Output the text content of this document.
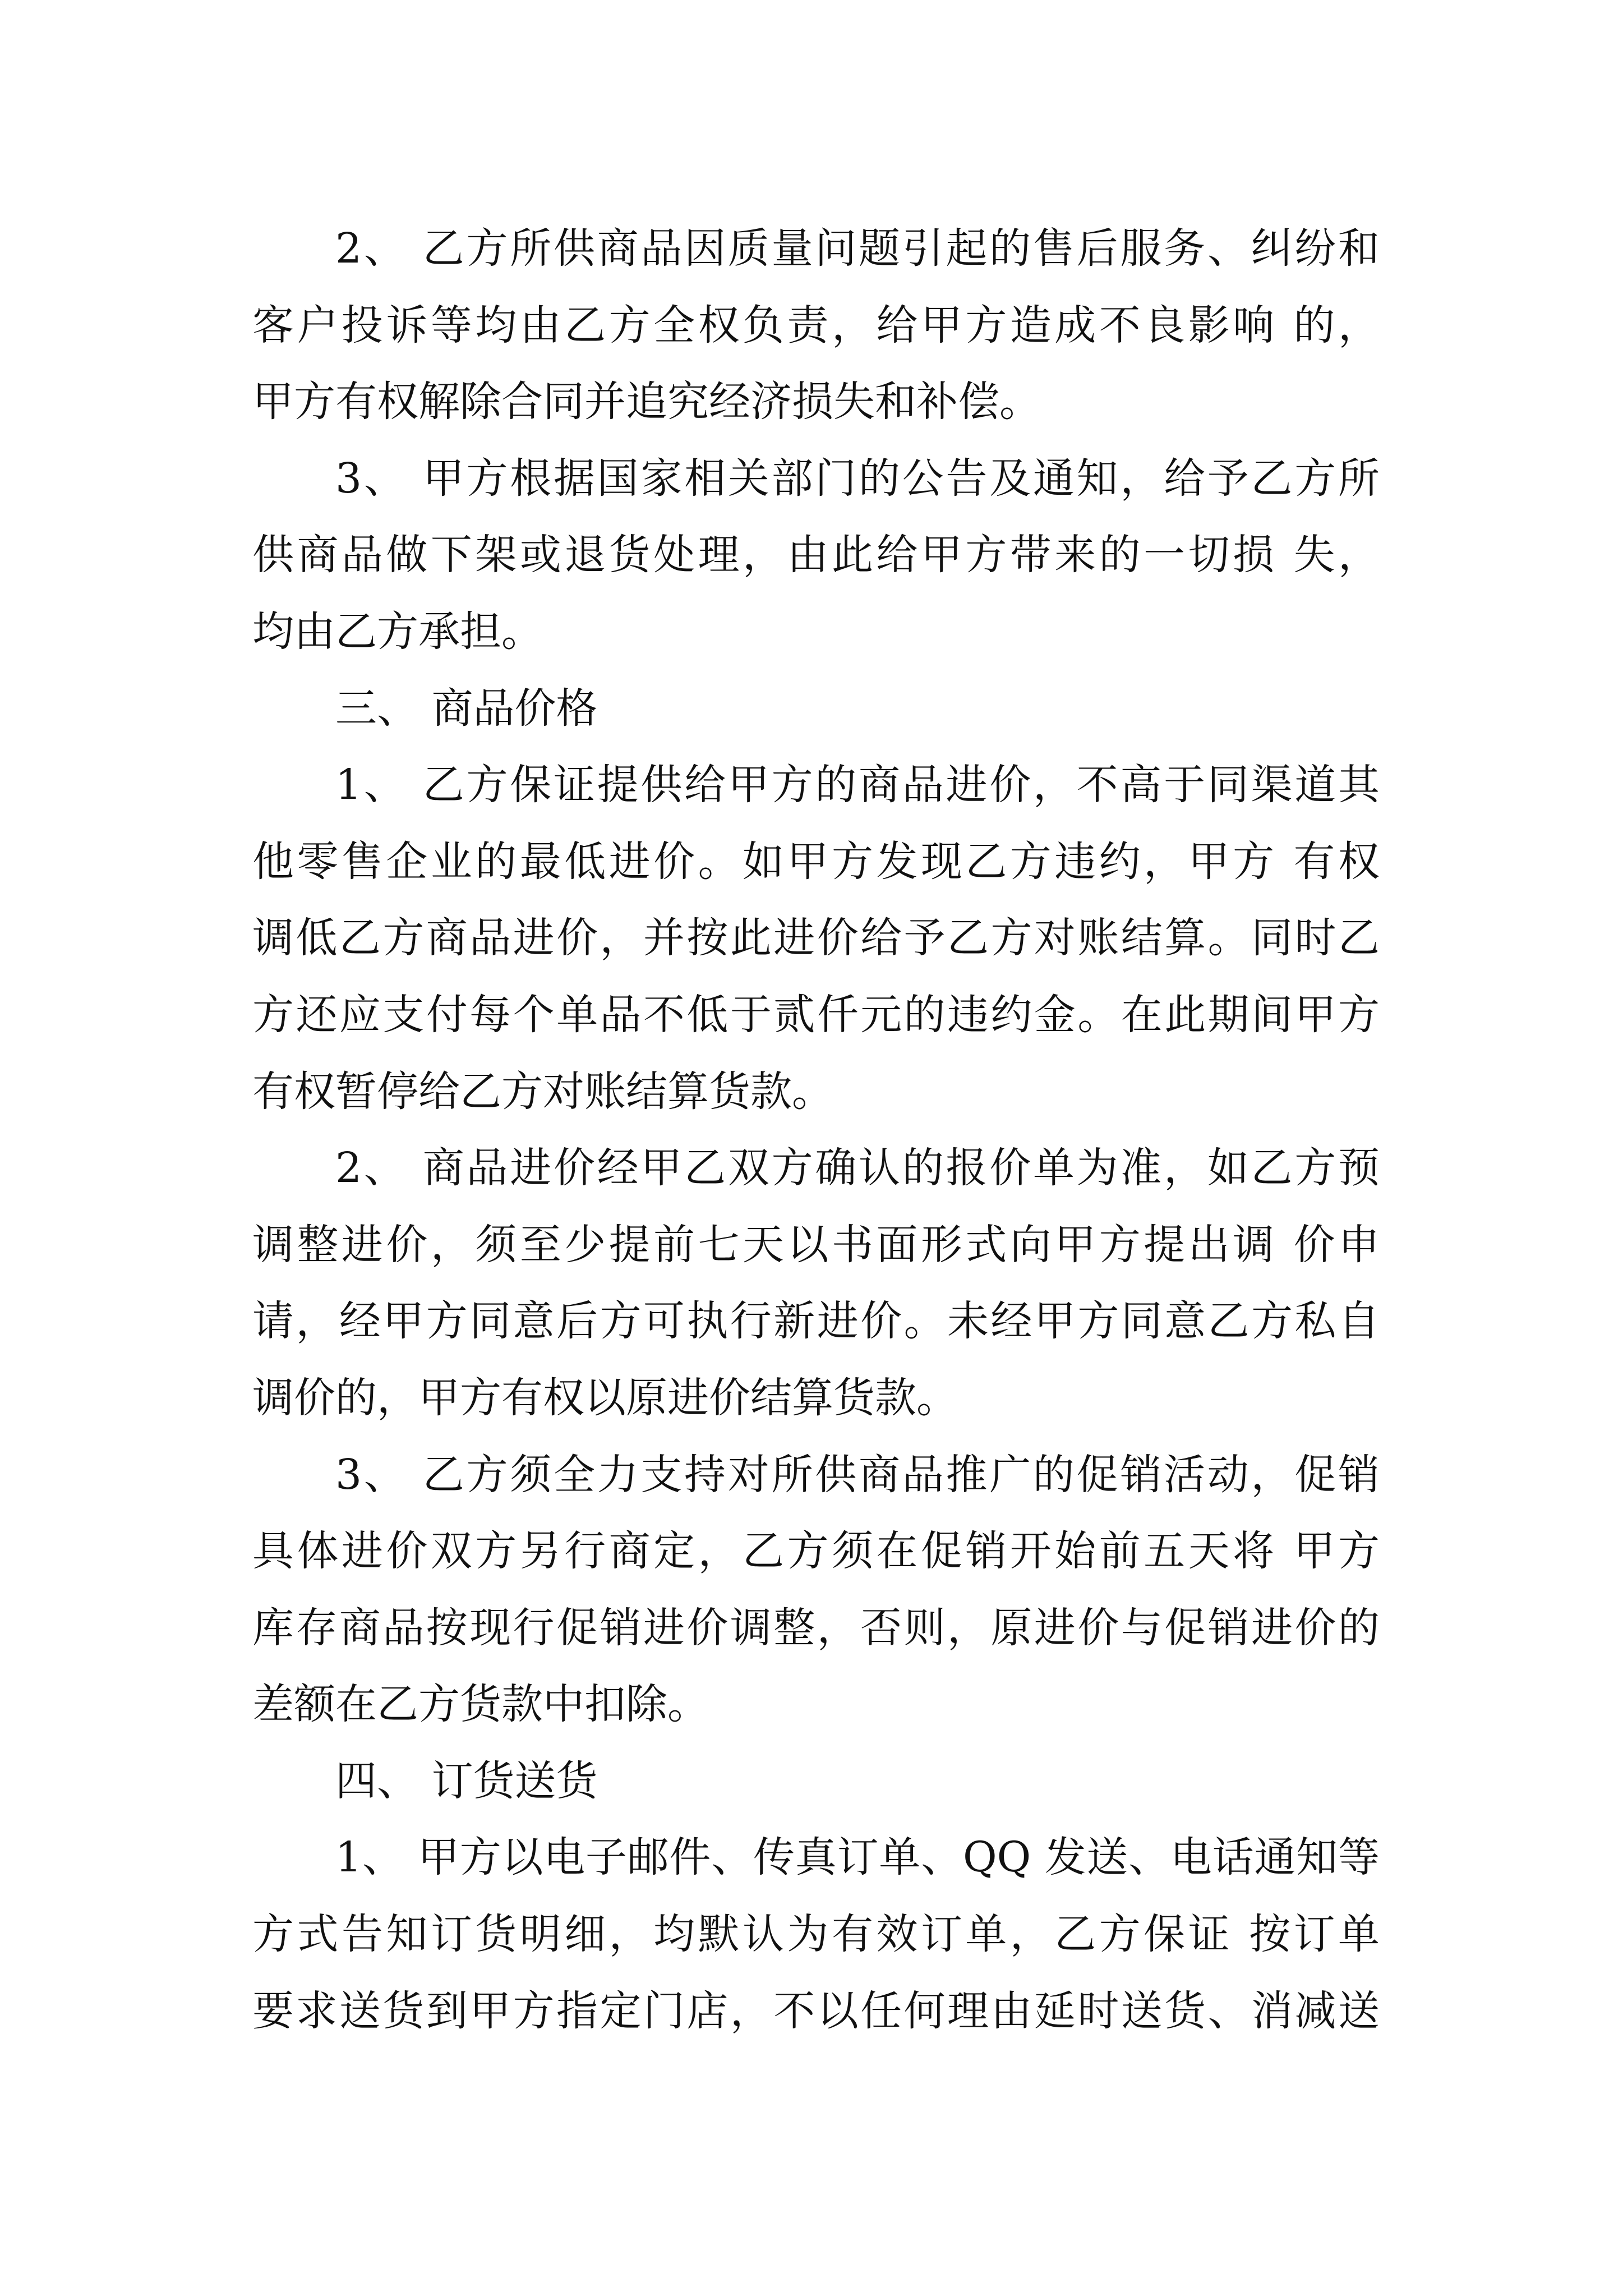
2、 乙方所供商品因质量问题引起的售后服务、纠纷和
客户投诉等均由乙方全权负责，给甲方造成不良影响 的，
甲方有权解除合同并追究经济损失和补偿。
3、 甲方根据国家相关部门的公告及通知，给予乙方所
供商品做下架或退货处理，由此给甲方带来的一切损 失，
均由乙方承担。
三、 商品价格
1、 乙方保证提供给甲方的商品进价，不高于同渠道其
他零售企业的最低进价。如甲方发现乙方违约，甲方 有权
调低乙方商品进价，并按此进价给予乙方对账结算。同时乙
方还应支付每个单品不低于贰仟元的违约金。在此期间甲方
有权暂停给乙方对账结算货款。
2、 商品进价经甲乙双方确认的报价单为准，如乙方预
调整进价，须至少提前七天以书面形式向甲方提出调 价申
请，经甲方同意后方可执行新进价。未经甲方同意乙方私自
调价的，甲方有权以原进价结算货款。
3、 乙方须全力支持对所供商品推广的促销活动，促销
具体进价双方另行商定，乙方须在促销开始前五天将 甲方
库存商品按现行促销进价调整，否则，原进价与促销进价的
差额在乙方货款中扣除。
四、 订货送货
1、 甲方以电子邮件、传真订单、QQ 发送、电话通知等
方式告知订货明细，均默认为有效订单，乙方保证 按订单
要求送货到甲方指定门店，不以任何理由延时送货、消减送
